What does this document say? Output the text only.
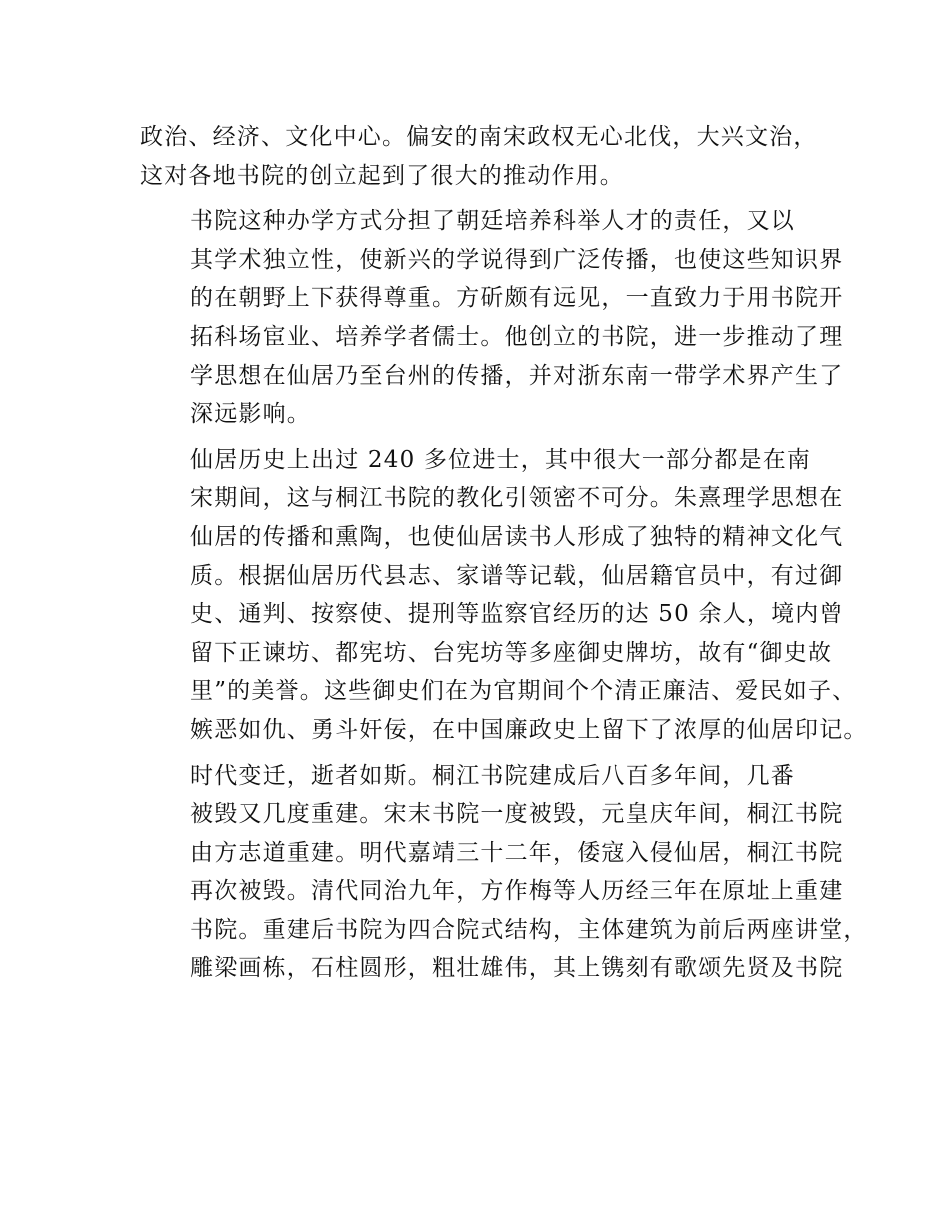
政治、经济、文化中心。偏安的南宋政权无心北伐，大兴文治，
这对各地书院的创立起到了很大的推动作用。

书院这种办学方式分担了朝廷培养科举人才的责任，又以
其学术独立性，使新兴的学说得到广泛传播，也使这些知识界
的在朝野上下获得尊重。方斫颇有远见，一直致力于用书院开
拓科场宦业、培养学者儒士。他创立的书院，进一步推动了理
学思想在仙居乃至台州的传播，并对浙东南一带学术界产生了
深远影响。

仙居历史上出过 240 多位进士，其中很大一部分都是在南
宋期间，这与桐江书院的教化引领密不可分。朱熹理学思想在
仙居的传播和熏陶，也使仙居读书人形成了独特的精神文化气
质。根据仙居历代县志、家谱等记载，仙居籍官员中，有过御
史、通判、按察使、提刑等监察官经历的达 50 余人，境内曾
留下正谏坊、都宪坊、台宪坊等多座御史牌坊，故有“御史故
里”的美誉。这些御史们在为官期间个个清正廉洁、爱民如子、
嫉恶如仇、勇斗奸佞，在中国廉政史上留下了浓厚的仙居印记。

时代变迁，逝者如斯。桐江书院建成后八百多年间，几番
被毁又几度重建。宋末书院一度被毁，元皇庆年间，桐江书院
由方志道重建。明代嘉靖三十二年，倭寇入侵仙居，桐江书院
再次被毁。清代同治九年，方作梅等人历经三年在原址上重建
书院。重建后书院为四合院式结构，主体建筑为前后两座讲堂，
雕梁画栋，石柱圆形，粗壮雄伟，其上镌刻有歌颂先贤及书院
